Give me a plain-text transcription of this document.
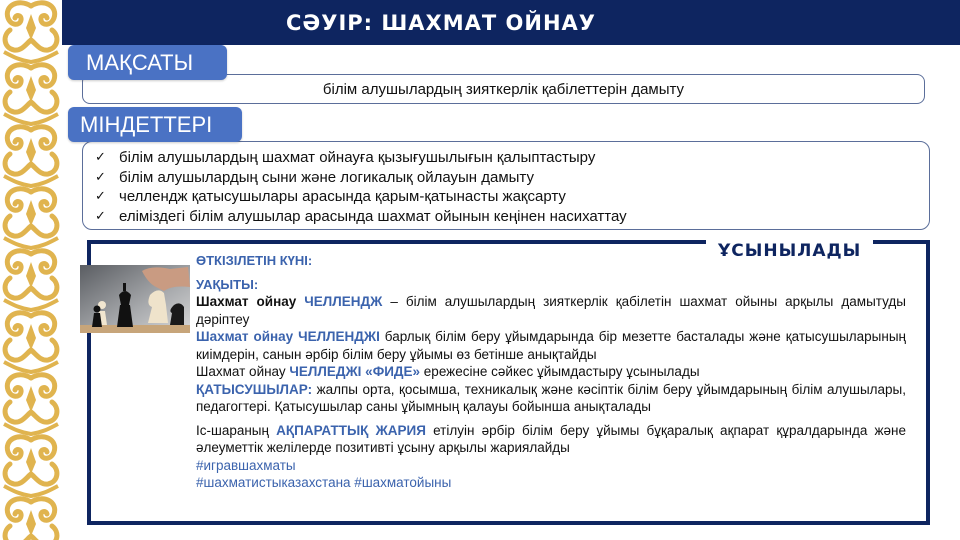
СӘУІР: ШАХМАТ ОЙНАУ
білім алушылардың зияткерлік қабілеттерін дамыту
МАҚСАТЫ
✓ білім алушылардың шахмат ойнауға қызығушылығын қалыптастыру
✓ білім алушылардың сыни және логикалық ойлауын дамыту
✓ челлендж қатысушылары арасында қарым-қатынасты жақсарту
✓ еліміздегі білім алушылар арасында шахмат ойынын кеңінен насихаттау
МІНДЕТТЕРІ
ҰСЫНЫЛАДЫ
ӨТКІЗІЛЕТІН КҮНІ:
УАҚЫТЫ:

Шахмат ойнау ЧЕЛЛЕНДЖ – білім алушылардың зияткерлік қабілетін шахмат ойыны арқылы дамытуды дәріптеу

Шахмат ойнау ЧЕЛЛЕНДЖІ барлық білім беру ұйымдарында бір мезетте басталады және қатысушыларының киімдерін, санын әрбір білім беру ұйымы өз бетінше анықтайды

Шахмат ойнау ЧЕЛЛЕДЖІ «ФИДЕ» ережесіне сәйкес ұйымдастыру ұсынылады

ҚАТЫСУШЫЛАР: жалпы орта, қосымша, техникалық және кәсіптік білім беру ұйымдарының білім алушылары, педагогтері. Қатысушылар саны ұйымның қалауы бойынша анықталады

Іс-шараның АҚПАРАТТЫҚ ЖАРИЯ етілуін әрбір білім беру ұйымы бұқаралық ақпарат құралдарында және әлеуметтік желілерде позитивті ұсыну арқылы жариялайды

#игравшахматы
#шахматистыказахстана #шахматойыны
